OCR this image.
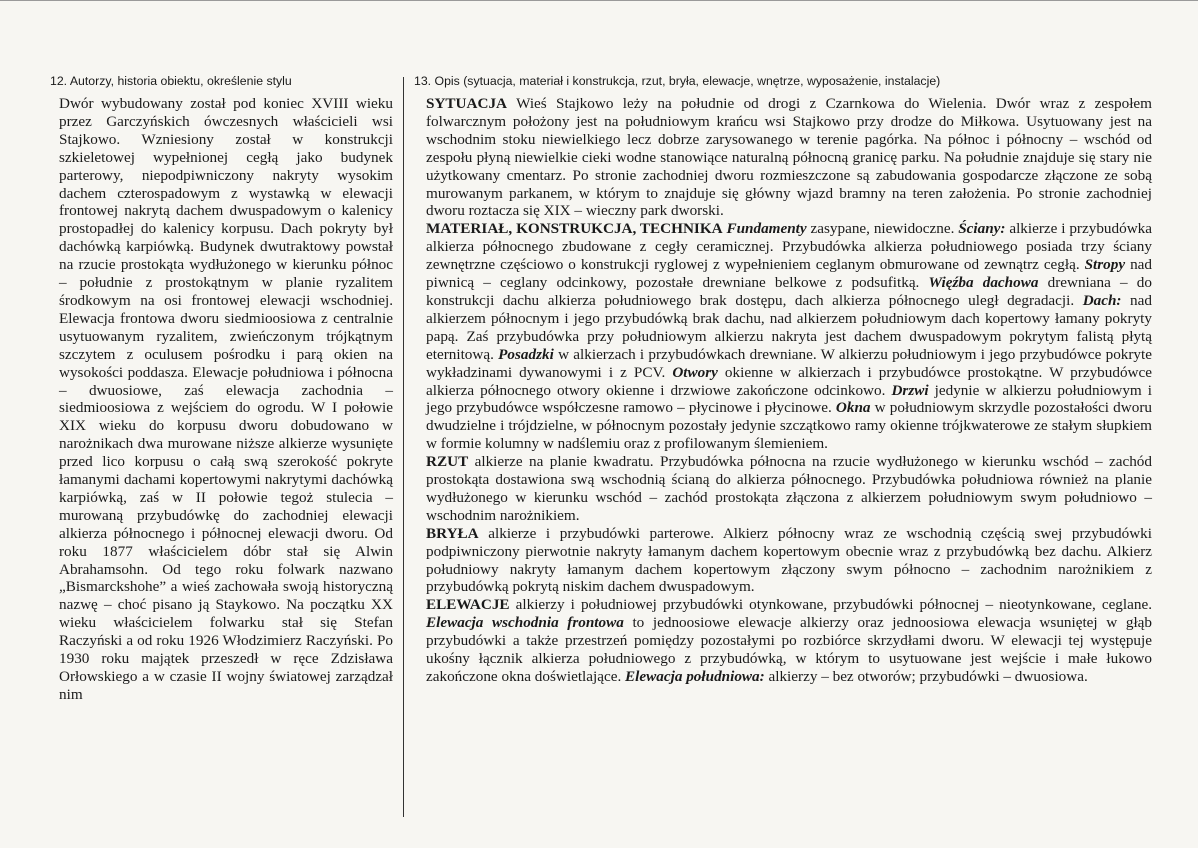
12. Autorzy, historia obiektu, określenie stylu

Dwór wybudowany został pod koniec XVIII wieku przez Garczyńskich ówczesnych właścicieli wsi Stajkowo. Wzniesiony został w konstrukcji szkieletowej wypełnionej cegłą jako budynek parterowy, niepodpiwniczony nakryty wysokim dachem czterospadowym z wystawką w elewacji frontowej nakrytą dachem dwuspadowym o kalenicy prostopadłej do kalenicy korpusu. Dach pokryty był dachówką karpiówką. Budynek dwutraktowy powstał na rzucie prostokąta wydłużonego w kierunku północ – południe z prostokątnym w planie ryzalitem środkowym na osi frontowej elewacji wschodniej. Elewacja frontowa dworu siedmioosiowa z centralnie usytuowanym ryzalitem, zwieńczonym trójkątnym szczytem z oculusem pośrodku i parą okien na wysokości poddasza. Elewacje południowa i północna – dwuosiowe, zaś elewacja zachodnia – siedmioosiowa z wejściem do ogrodu. W I połowie XIX wieku do korpusu dworu dobudowano w narożnikach dwa murowane niższe alkierze wysunięte przed lico korpusu o całą swą szerokość pokryte łamanymi dachami kopertowymi nakrytymi dachówką karpiówką, zaś w II połowie tegoż stulecia – murowaną przybudówkę do zachodniej elewacji alkierza północnego i północnej elewacji dworu. Od roku 1877 właścicielem dóbr stał się Alwin Abrahamsohn. Od tego roku folwark nazwano „Bismarckshohe” a wieś zachowała swoją historyczną nazwę – choć pisano ją Staykowo. Na początku XX wieku właścicielem folwarku stał się Stefan Raczyński a od roku 1926 Włodzimierz Raczyński. Po 1930 roku majątek przeszedł w ręce Zdzisława Orłowskiego a w czasie II wojny światowej zarządzał nim

13. Opis (sytuacja, materiał i konstrukcja, rzut, bryła, elewacje, wnętrze, wyposażenie, instalacje)

SYTUACJA Wieś Stajkowo leży na południe od drogi z Czarnkowa do Wielenia. Dwór wraz z zespołem folwarcznym położony jest na południowym krańcu wsi Stajkowo przy drodze do Miłkowa. Usytuowany jest na wschodnim stoku niewielkiego lecz dobrze zarysowanego w terenie pagórka. Na północ i północny – wschód od zespołu płyną niewielkie cieki wodne stanowiące naturalną północną granicę parku. Na południe znajduje się stary nie użytkowany cmentarz. Po stronie zachodniej dworu rozmieszczone są zabudowania gospodarcze złączone ze sobą murowanym parkanem, w którym to znajduje się główny wjazd bramny na teren założenia. Po stronie zachodniej dworu roztacza się XIX – wieczny park dworski.

MATERIAŁ, KONSTRUKCJA, TECHNIKA Fundamenty zasypane, niewidoczne. Ściany: alkierze i przybudówka alkierza północnego zbudowane z cegły ceramicznej. Przybudówka alkierza południowego posiada trzy ściany zewnętrzne częściowo o konstrukcji ryglowej z wypełnieniem ceglanym obmurowane od zewnątrz cegłą. Stropy nad piwnicą – ceglany odcinkowy, pozostałe drewniane belkowe z podsufitką. Więźba dachowa drewniana – do konstrukcji dachu alkierza południowego brak dostępu, dach alkierza północnego uległ degradacji. Dach: nad alkierzem północnym i jego przybudówką brak dachu, nad alkierzem południowym dach kopertowy łamany pokryty papą. Zaś przybudówka przy południowym alkierzu nakryta jest dachem dwuspadowym pokrytym falistą płytą eternitową. Posadzki w alkierzach i przybudówkach drewniane. W alkierzu południowym i jego przybudówce pokryte wykładzinami dywanowymi i z PCV. Otwory okienne w alkierzach i przybudówce prostokątne. W przybudówce alkierza północnego otwory okienne i drzwiowe zakończone odcinkowo. Drzwi jedynie w alkierzu południowym i jego przybudówce współczesne ramowo – płycinowe i płycinowe. Okna w południowym skrzydle pozostałości dworu dwudzielne i trójdzielne, w północnym pozostały jedynie szczątkowo ramy okienne trójkwaterowe ze stałym słupkiem w formie kolumny w nadślemiu oraz z profilowanym ślemieniem.

RZUT alkierze na planie kwadratu. Przybudówka północna na rzucie wydłużonego w kierunku wschód – zachód prostokąta dostawiona swą wschodnią ścianą do alkierza północnego. Przybudówka południowa również na planie wydłużonego w kierunku wschód – zachód prostokąta złączona z alkierzem południowym swym południowo – wschodnim narożnikiem.

BRYŁA alkierze i przybudówki parterowe. Alkierz północny wraz ze wschodnią częścią swej przybudówki podpiwniczony pierwotnie nakryty łamanym dachem kopertowym obecnie wraz z przybudówką bez dachu. Alkierz południowy nakryty łamanym dachem kopertowym złączony swym północno – zachodnim narożnikiem z przybudówką pokrytą niskim dachem dwuspadowym.

ELEWACJE alkierzy i południowej przybudówki otynkowane, przybudówki północnej – nieotynkowane, ceglane. Elewacja wschodnia frontowa to jednoosiowe elewacje alkierzy oraz jednoosiowa elewacja wsuniętej w głąb przybudówki a także przestrzeń pomiędzy pozostałymi po rozbiórce skrzydłami dworu. W elewacji tej występuje ukośny łącznik alkierza południowego z przybudówką, w którym to usytuowane jest wejście i małe łukowo zakończone okna doświetlające. Elewacja południowa: alkierzy – bez otworów; przybudówki – dwuosiowa.
